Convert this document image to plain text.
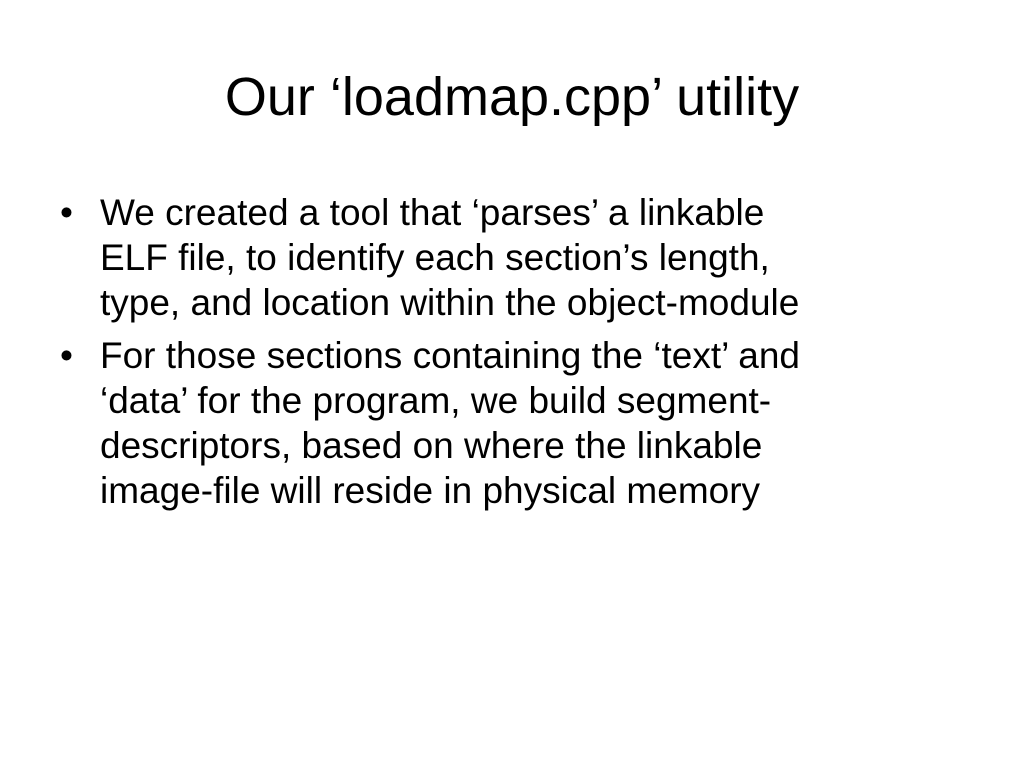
Our ‘loadmap.cpp’ utility
• We created a tool that ‘parses’ a linkable
ELF file, to identify each section’s length,
type, and location within the object-module
• For those sections containing the ‘text’ and
‘data’ for the program, we build segment-
descriptors, based on where the linkable
image-file will reside in physical memory
